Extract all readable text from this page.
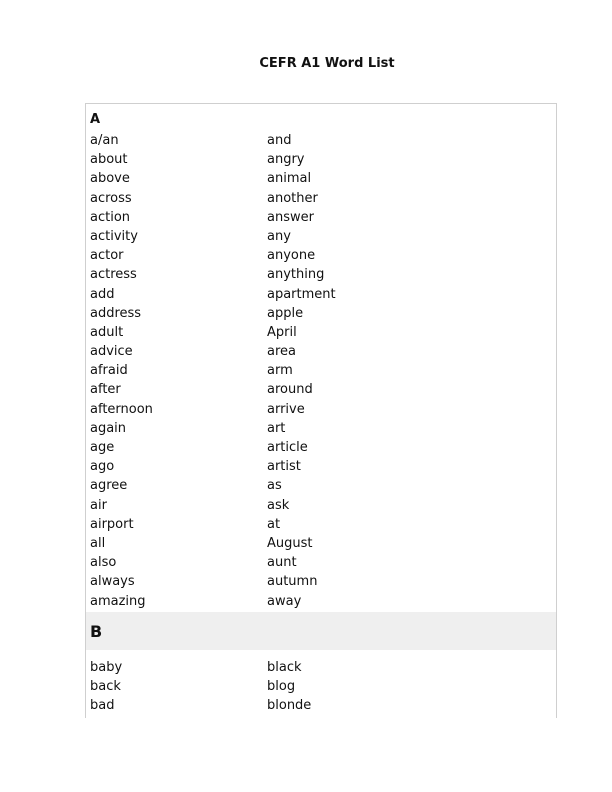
CEFR A1 Word List
A
a/an
about
above
across
action
activity
actor
actress
add
address
adult
advice
afraid
after
afternoon
again
age
ago
agree
air
airport
all
also
always
amazing
and
angry
animal
another
answer
any
anyone
anything
apartment
apple
April
area
arm
around
arrive
art
article
artist
as
ask
at
August
aunt
autumn
away
B
baby
back
bad
black
blog
blonde
